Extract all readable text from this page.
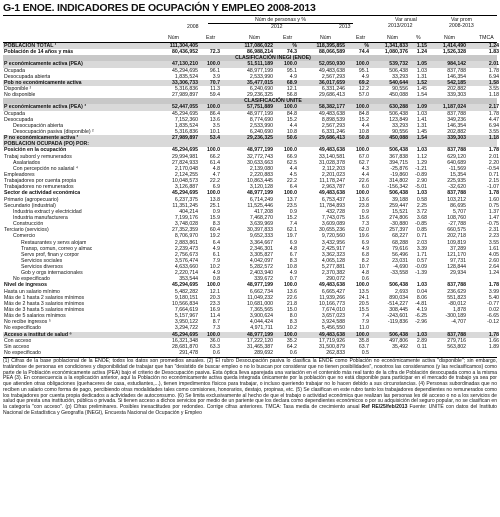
G-1 ENOE. INDICADORES DE OCUPACIÓN Y EMPLEO 2008-2013
Núm de personas y %	Var anual
2013/2012
Var prom
2008-2013
2008	2012	2013
Núm	Estr	Núm	Estr	Núm	Estr	Núm	%	Núm	TMCA
POBLACIÓN TOTAL ¹	111,304,405	117,086,022	%	118,395,855	%	1,341,833 1.15	1,414,490	1.24
Población de 14 años y más	80,436,952 72.3	86,988,214	74.3	88,066,589	74.4	1,080,376 1.24	1,526,328	1.83
CLASIFICACIÓN INEGI (ENOE)
P económicamente activa (PEA)	47,130,210 100.0	51,511,189 100.0	52,050,930 100.0	539,732 1.05	984,142	2.01
Ocupada	45,294,695 96.1	48,977,199	95.1	49,483,638	95.1	506,438 1.03	837,788	1.78
Desocupada abierta	1,835,524	3.9	2,533,990	4.9	2,567,293	4.9	33,293 1.31	146,354	6.94
Pob no económicamente activa	33,306,733 70.7	35,477,015	68.9	36,017,659	69.2	540,644 1.52	542,185	1.58
Disponible ²	5,316,836 11.3	6,240,690	12.1	6,331,246	12.2	90,556 1.45	202,882	3.55
No disponible	27,989,897 59.4	29,236,325	56.8	29,686,413	57.0	450,088 1.54	339,303	1.18
CLASIFICACIÓN UNITE
P económicamente activa (PEA) ³	52,447,055 100.0	57,751,889 100.0	58,382,177 100.0	630,288 1.09	1,187,024	2.17
Ocupada	45,294,695 86.4	48,977,199	84.8	49,483,638	84.8	506,438 1.03	837,788	1.78
Desocupada	7,152,360 13.6	8,774,690	15.2	8,898,539	15.2	123,849 1.41	349,236	4.47
Desocupación abierta	1,835,524	3.5	2,533,990	4.4	2,567,293	4.4	33,293 1.31	146,354	6.94
Desocupación pasiva (disponible) ²	5,316,836 10.1	6,240,690	10.8	6,331,246	10.8	90,556 1.45	202,882	3.55
P no económicamente activa ³	27,989,897 53.4	29,236,325	50.6	29,686,413	50.8	450,088 1.54	339,303	1.18
POBLACIÓN OCUPADA (PO) POR:
Posición en la ocupación	45,294,695 100.0	48,977,199 100.0	49,483,638 100.0	506,438 1.03	837,788	1.78
Trabaj subord y remunerados	29,994,981 66.2	32,772,743	66.9	33,140,581	67.0	367,838 1.12	629,120	2.01
Asalariados	27,824,933 61.4	30,633,663	62.5	31,028,378	62.7	394,715 1.29	640,689	2.20
Con percepción no salarial ⁴	2,170,048	4.8	2,139,080	4.4	2,112,203	4.3	-25,876 -1.21	-11,569	-0.54
Empleadores	2,124,255	4.7	2,220,883	4.5	2,201,023	4.4	-19,860 -0.89	15,354	0.71
Trabajadores por cuenta propia	10,048,573 22.2	10,863,445	22.2	11,178,247	22.6	314,802 2.90	225,935	2.15
Trabajadores no remunerados	3,126,887	6.9	3,120,128	6.4	2,963,787	6.0	-156,342 -5.01	-32,620	-1.07
Sector de actividad económica	45,294,695 100.0	48,977,199 100.0	49,483,638 100.0	506,438 1.03	837,788	1.78
Primario (agropecuario)	6,237,375 13.8	6,714,249	13.7	6,753,437	13.6	39,188 0.58	103,212	1.60
Secundario (industrial)	11,351,245 25.1	11,525,446	23.5	11,784,893	23.8	259,447 2.25	86,695	0.75
Industria extract y electricidad	404,214	0.9	417,208	0.9	432,728	0.9	15,521 3.72	5,707	1.37
Industria manufacturera	7,199,176 15.9	7,468,270	15.2	7,743,075	15.6	274,806 3.68	108,760	1.47
Construcción	3,748,028	8.3	3,639,969	7.4	3,609,089	7.3	-30,880 -0.85	-27,788	-0.75
Terciario (servicios)	27,352,359 60.4	30,397,833	62.1	30,655,236	62.0	257,397 0.85	660,575	2.31
Comercio	8,706,970 19.2	9,652,333	19.7	9,720,560	19.6	68,227 0.71	202,718	2.23
Restaurantes y servs alojam	2,883,861	6.4	3,364,667	6.9	3,432,956	6.9	68,288 2.03	109,819	3.55
Transp, comun, correo y almac	2,239,473	4.9	2,346,301	4.8	2,425,917	4.9	79,616 3.39	37,289	1.61
Servs prof, finan y corpor	2,756,673	6.1	3,305,827	6.7	3,362,323	6.8	56,496 1.71	121,170	4.05
Servicios sociales	3,576,474	7.9	4,042,097	8.3	4,065,128	8.2	23,031 0.57	97,731	2.60
Servicios diversos	4,633,660 10.2	5,282,572	10.8	5,277,881	10.7	-4,690 -0.09	128,844	2.64
Gob y orgs internacionales	2,220,714	4.9	2,403,940	4.9	2,370,382	4.8	-33,558 -1.39	29,934	1.24
No especificado	353,544	0.8	339,672	0.7	290,072	0.6
Nivel de ingresos	45,294,695 100.0	48,977,199 100.0	49,483,638 100.0	506,438 1.03	837,788	1.78
Hasta un salario mínimo	5,482,282 12.1	6,662,734	13.6	6,665,427	13.5	2,693 0.04	236,629	3.99
Más de 1 hasta 2 salarios mínimos	9,180,151 20.3	11,049,232	22.6	11,939,266	24.1	890,034 8.06	551,823	5.40
Más de 2 hasta 3 salarios mínimos	10,566,834 23.3	10,681,000	21.8	10,166,773	20.5	-514,227 -4.81	-80,012	-0.77
Más de 3 hasta 5 salarios mínimos	7,664,619 16.9	7,365,565	15.0	7,674,010	15.5	308,445 4.19	1,878	0.02
Más de 5 salarios mínimos	5,157,967 11.4	3,900,624	8.0	3,657,023	7.4	-243,601 -6.25	-300,189	-6.65
No recibe ingresos ⁵	3,950,122	8.7	4,044,424	8.3	3,924,588	7.9	-119,836 -2.96	-4,707	-0.12
No especificado	3,294,722	7.3	4,971,711	10.2	5,456,550	11.0
Acceso a institut de salud ⁶	45,294,695 100.0	48,977,199 100.0	49,483,638 100.0	506,438 1.03	837,788	1.78
Con acceso	16,321,348 36.0	17,222,120	35.2	17,719,926	35.8	497,806 2.89	279,716	1.66
Sin acceso	28,681,870 63.3	31,465,387	64.2	31,500,879	63.7	35,492 0.11	563,802	1.89
No especificado	291,478	0.6	289,692	0.6	262,833	0.5
(1) Cifras de la base poblacional de la ENOE; todos los datos son promedios anuales. (2) El rubro Desocupación pasiva lo clasifica la ENOE como Población no económicamente activa "disponible"; sin embargo, tratándose de personas en condiciones y disponibilidad de trabajar que han "desistido de buscar empleo o no lo buscan por considerar que no tienen posibilidades", nosotros las consideramos (y las reclasificamos) como parte de la Población económicamente activa (PEA) bajo el criterio de Desocupación pasiva. Esta óptica lleva aparejada una variación en el contenido más real tanto de la cifra de Población desocupada como a la misma PEA (3). En consecuencia a la explicación anterior, aquí la Población no económicamente activa queda integrada únicamente por la población que no está disponible para participar en el mercado de trabajo ya sea por que atienden otras obligaciones (quehaceres de casa, estudiantes,...), tienen impedimentos físicos para trabajar, o incluso queriendo trabajar no lo hacen debido a sus circunstancias. (4) Personas subordinadas que no reciben un salario como forma de pago, percibiendo otras modalidades tales como comisiones, honorarios, destajo, propinas, etc. (5) Se clasifican en este rubro tanto los trabajadores dependientes no remunerados como los trabajadores por cuenta propia dedicados a actividades de autoconsumo. (6) Se limita exclusivamente al hecho de que el trabajo o actividad económica que realizan las personas les dé acceso o no a los servicios de salud que presta una institución, pública o privada. Si tienen acceso a dichos servicios por medio de un pariente que los declara como dependientes económicos o por su adquisición del seguro popular, no se clasifican en la categoría "con acceso". (p) Cifras preliminares. Posibles inexactitudes por redondeo. Corrige cifras anteriores. TMCA: Tasa media de crecimiento anual Ref RE/25/feb/2013 Fuente: UNITÉ con datos del Instituto Nacional de Estadística y Geografía (INEGI), Encuesta Nacional de Ocupación y Empleo
